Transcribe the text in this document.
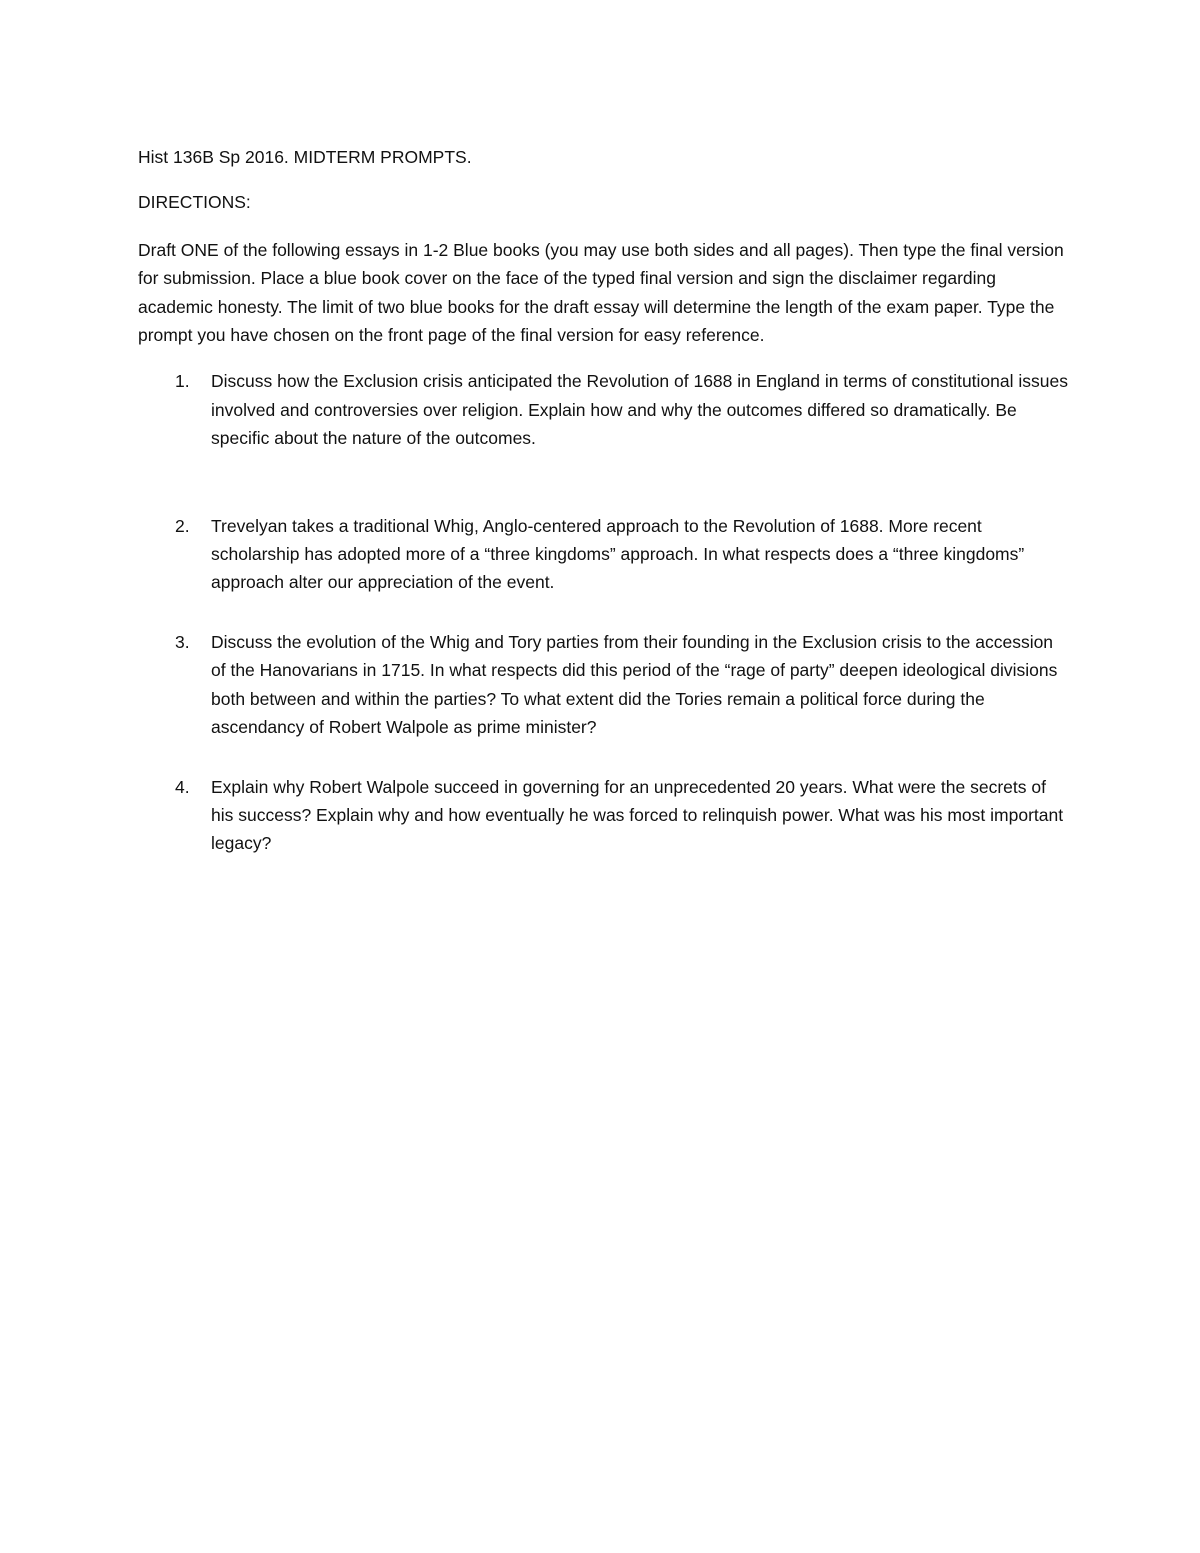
Hist 136B Sp 2016. MIDTERM PROMPTS.

DIRECTIONS:

Draft ONE of the following essays in 1-2 Blue books (you may use both sides and all pages). Then type the final version for submission. Place a blue book cover on the face of the typed final version and sign the disclaimer regarding academic honesty. The limit of two blue books for the draft essay will determine the length of the exam paper. Type the prompt you have chosen on the front page of the final version for easy reference.

1. Discuss how the Exclusion crisis anticipated the Revolution of 1688 in England in terms of constitutional issues involved and controversies over religion. Explain how and why the outcomes differed so dramatically. Be specific about the nature of the outcomes.
2. Trevelyan takes a traditional Whig, Anglo-centered approach to the Revolution of 1688. More recent scholarship has adopted more of a “three kingdoms” approach. In what respects does a “three kingdoms” approach alter our appreciation of the event.
3. Discuss the evolution of the Whig and Tory parties from their founding in the Exclusion crisis to the accession of the Hanovarians in 1715. In what respects did this period of the “rage of party” deepen ideological divisions both between and within the parties? To what extent did the Tories remain a political force during the ascendancy of Robert Walpole as prime minister?
4. Explain why Robert Walpole succeed in governing for an unprecedented 20 years. What were the secrets of his success? Explain why and how eventually he was forced to relinquish power. What was his most important legacy?
